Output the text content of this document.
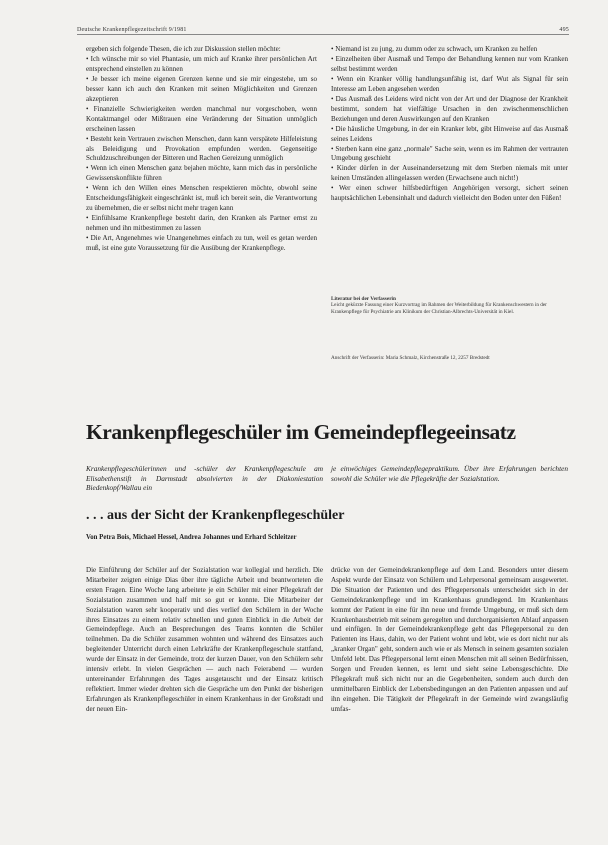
Deutsche Krankenpflegezeitschrift 9/1981	495

ergeben sich folgende Thesen, die ich zur Diskussion stellen möchte:

• Ich wünsche mir so viel Phantasie, um mich auf Kranke ihrer persönlichen Art entsprechend einstellen zu können

• Je besser ich meine eigenen Grenzen kenne und sie mir eingestehe, um so besser kann ich auch den Kranken mit seinen Möglichkeiten und Grenzen akzeptieren

• Finanzielle Schwierigkeiten werden manchmal nur vorgeschoben, wenn Kontaktmangel oder Mißtrauen eine Veränderung der Situation unmöglich erscheinen lassen

• Besteht kein Vertrauen zwischen Menschen, dann kann verspätete Hilfeleistung als Beleidigung und Provokation empfunden werden. Gegenseitige Schuldzuschreibungen der Bitteren und Rachen Gereizung unmöglich

• Wenn ich einen Menschen ganz bejahen möchte, kann mich das in persönliche Gewissenskonflikte führen

• Wenn ich den Willen eines Menschen respektieren möchte, obwohl seine Entscheidungsfähigkeit eingeschränkt ist, muß ich bereit sein, die Verantwortung zu übernehmen, die er selbst nicht mehr tragen kann

• Einfühlsame Krankenpflege besteht darin, den Kranken als Partner ernst zu nehmen und ihn mitbestimmen zu lassen

• Die Art, Angenehmes wie Unangenehmes einfach zu tun, weil es getan werden muß, ist eine gute Voraussetzung für die Ausübung der Krankenpflege.

• Niemand ist zu jung, zu dumm oder zu schwach, um Kranken zu helfen

• Einzelheiten über Ausmaß und Tempo der Behandlung kennen nur vom Kranken selbst bestimmt werden

• Wenn ein Kranker völlig handlungsunfähig ist, darf Wut als Signal für sein Interesse am Leben angesehen werden

• Das Ausmaß des Leidens wird nicht von der Art und der Diagnose der Krankheit bestimmt, sondern hat vielfältige Ursachen in den zwischenmenschlichen Beziehungen und deren Auswirkungen auf den Kranken

• Die häusliche Umgebung, in der ein Kranker lebt, gibt Hinweise auf das Ausmaß seines Leidens

• Sterben kann eine ganz „normale" Sache sein, wenn es im Rahmen der vertrauten Umgebung geschieht

• Kinder dürfen in der Auseinandersetzung mit dem Sterben niemals mit unter keinen Umständen allingelassen werden (Erwachsene auch nicht!)

• Wer einen schwer hilfsbedürftigen Angehörigen versorgt, sichert seinen hauptsächlichen Lebensinhalt und dadurch vielleicht den Boden unter den Füßen!

Literatur bei der Verfasserin
Leicht gekürzte Fassung einer Kurzvortrag im Rahmen der Weiterbildung für Krankenschwestern in der Krankenpflege für Psychiatrie am Klinikum der Christian-Albrechts-Universität in Kiel.
Anschrift der Verfasserin: Maria Schmalz, Kirchenstraße 12, 2257 Bredstedt
Krankenpflegeschüler im Gemeindepflegeeinsatz
Krankenpflegeschülerinnen und -schüler der Krankenpflegeschule am Elisabethenstift in Darmstadt absolvierten in der Diakoniestation Biedenkopf/Wallau ein
je einwöchiges Gemeindepflegepraktikum. Über ihre Erfahrungen berichten sowohl die Schüler wie die Pflegekräfte der Sozialstation.
. . . aus der Sicht der Krankenpflegeschüler
Von Petra Bois, Michael Hessel, Andrea Johannes und Erhard Schleitzer

Die Einführung der Schüler auf der Sozialstation war kollegial und herzlich. Die Mitarbeiter zeigten einige Dias über ihre tägliche Arbeit und beantworteten die ersten Fragen. Eine Woche lang arbeitete je ein Schüler mit einer Pflegekraft der Sozialstation zusammen und half mit so gut er konnte. Die Mitarbeiter der Sozialstation waren sehr kooperativ und dies verlief den Schülern in der Woche ihres Einsatzes zu einem relativ schnellen und guten Einblick in die Arbeit der Gemeindepflege. Auch an Besprechungen des Teams konnten die Schüler teilnehmen. Da die Schüler zusammen wohnten und während des Einsatzes auch begleitender Unterricht durch einen Lehrkräfte der Krankenpflegeschule stattfand, wurde der Einsatz in der Gemeinde, trotz der kurzen Dauer, von den Schülern sehr intensiv erlebt. In vielen Gesprächen — auch nach Feierabend — wurden untereinander Erfahrungen des Tages ausgetauscht und der Einsatz kritisch reflektiert. Immer wieder drehten sich die Gespräche um den Punkt der bisherigen Erfahrungen als Krankenpflegeschüler in einem Krankenhaus in der Großstadt und der neuen Ein-

drücke von der Gemeindekrankenpflege auf dem Land. Besonders unter diesem Aspekt wurde der Einsatz von Schülern und Lehrpersonal gemeinsam ausgewertet. Die Situation der Patienten und des Pflegepersonals unterscheidet sich in der Gemeindekrankenpflege und im Krankenhaus grundlegend. Im Krankenhaus kommt der Patient in eine für ihn neue und fremde Umgebung, er muß sich dem Krankenhausbetrieb mit seinem geregelten und durchorganisierten Ablauf anpassen und einfügen. In der Gemeindekrankenpflege geht das Pflegepersonal zu den Patienten ins Haus, dahin, wo der Patient wohnt und lebt, wie es dort nicht nur als „kranker Organ" geht, sondern auch wie er als Mensch in seinem gesamten sozialen Umfeld lebt. Das Pflegepersonal lernt einen Menschen mit all seinen Bedürfnissen, Sorgen und Freuden kennen, es lernt und sieht seine Lebensgeschichte. Die Pflegekraft muß sich nicht nur an die Gegebenheiten, sondern auch durch den unmittelbaren Einblick der Lebensbedingungen an den Patienten anpassen und auf ihn eingehen. Die Tätigkeit der Pflegekraft in der Gemeinde wird zwangsläufig umfas-
